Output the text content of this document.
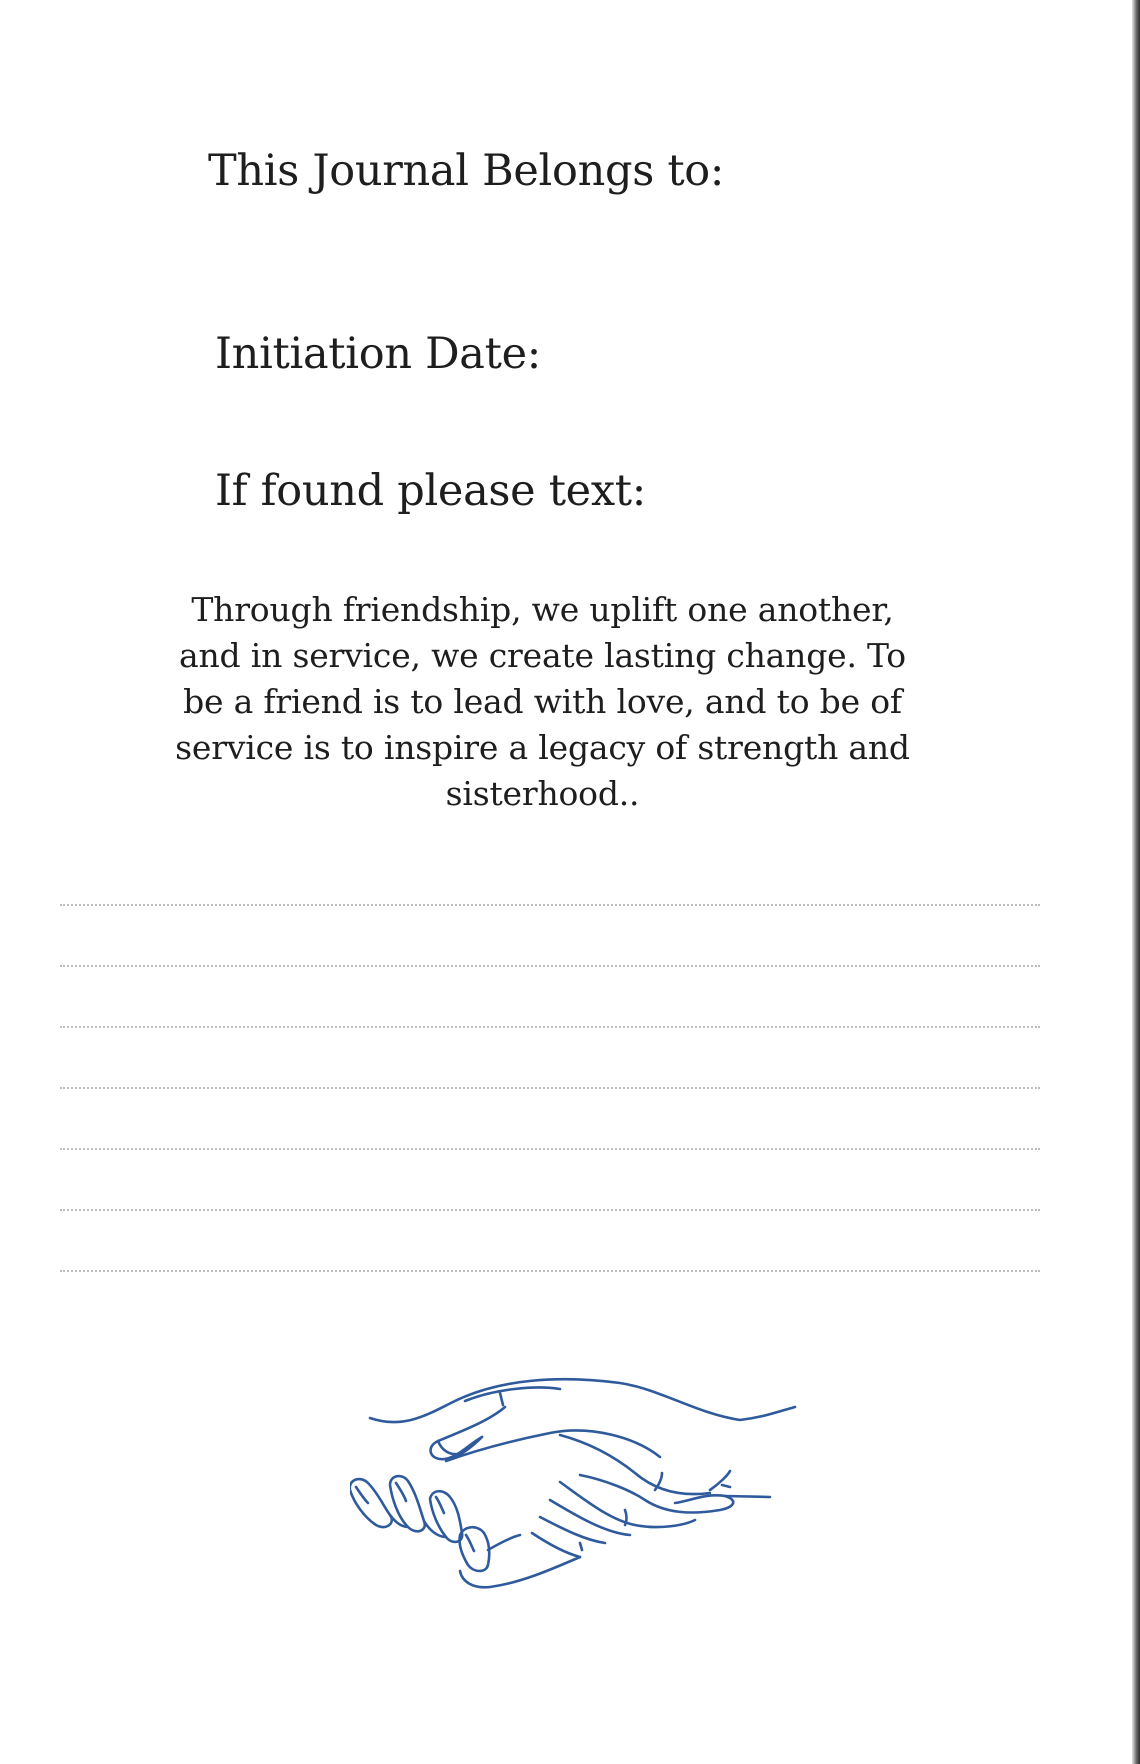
This Journal Belongs to:
Initiation Date:
If found please text:

Through friendship, we uplift one another, and in service, we create lasting change. To be a friend is to lead with love, and to be of service is to inspire a legacy of strength and sisterhood..
